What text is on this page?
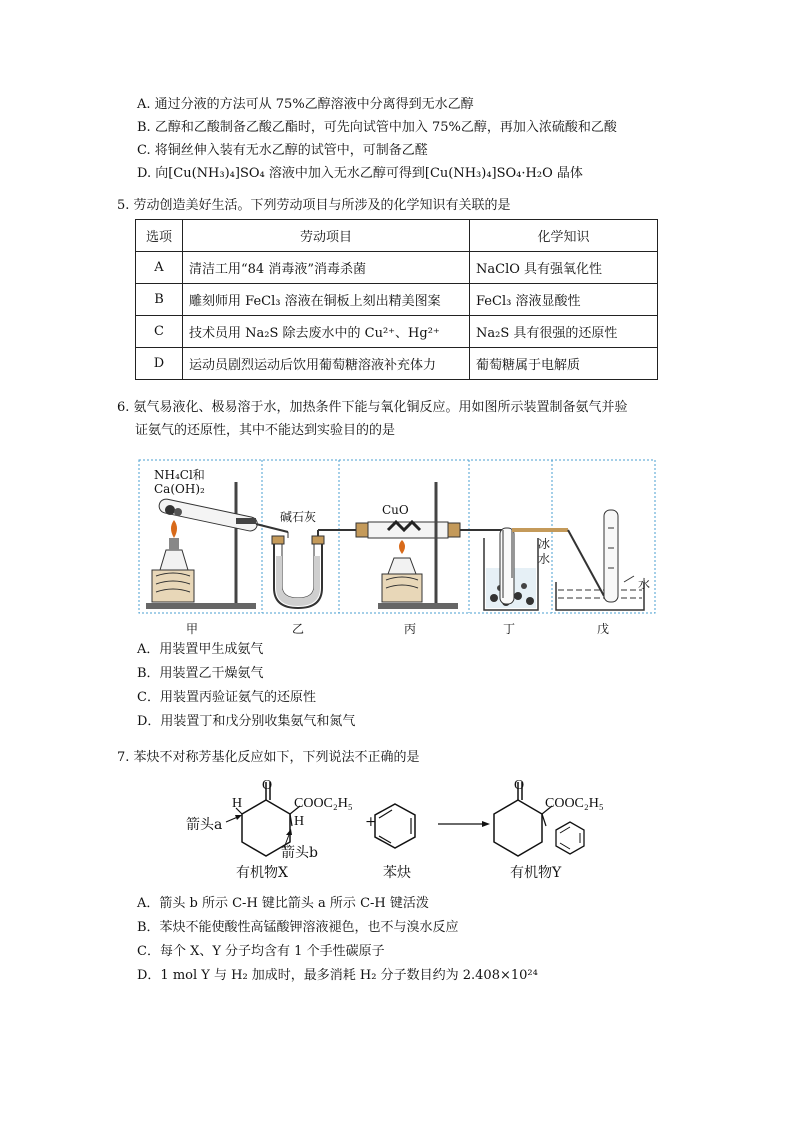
A. 通过分液的方法可从 75%乙醇溶液中分离得到无水乙醇
B. 乙醇和乙酸制备乙酸乙酯时，可先向试管中加入 75%乙醇，再加入浓硫酸和乙酸
C. 将铜丝伸入装有无水乙醇的试管中，可制备乙醛
D. 向[Cu(NH₃)₄]SO₄ 溶液中加入无水乙醇可得到[Cu(NH₃)₄]SO₄·H₂O 晶体
5. 劳动创造美好生活。下列劳动项目与所涉及的化学知识有关联的是
选项	劳动项目	化学知识
A	清洁工用“84 消毒液”消毒杀菌	NaClO 具有强氧化性
B	雕刻师用 FeCl₃ 溶液在铜板上刻出精美图案	FeCl₃ 溶液显酸性
C	技术员用 Na₂S 除去废水中的 Cu²⁺、Hg²⁺	Na₂S 具有很强的还原性
D	运动员剧烈运动后饮用葡萄糖溶液补充体力	葡萄糖属于电解质
6. 氨气易液化、极易溶于水，加热条件下能与氧化铜反应。用如图所示装置制备氨气并验
证氨气的还原性，其中不能达到实验目的的是
NH₄Cl和
Ca(OH)₂
碱石灰	CuO
冰
水
水
甲	乙	丙	丁	戊
A．用装置甲生成氨气
B．用装置乙干燥氨气
C．用装置丙验证氨气的还原性
D．用装置丁和戊分别收集氨气和氮气
7. 苯炔不对称芳基化反应如下，下列说法不正确的是
H
O
COOC₂H₅
H
箭头a
箭头b
+
O
COOC₂H₅
有机物X	苯炔	有机物Y
A．箭头 b 所示 C-H 键比箭头 a 所示 C-H 键活泼
B．苯炔不能使酸性高锰酸钾溶液褪色，也不与溴水反应
C．每个 X、Y 分子均含有 1 个手性碳原子
D．1 mol Y 与 H₂ 加成时，最多消耗 H₂ 分子数目约为 2.408×10²⁴
